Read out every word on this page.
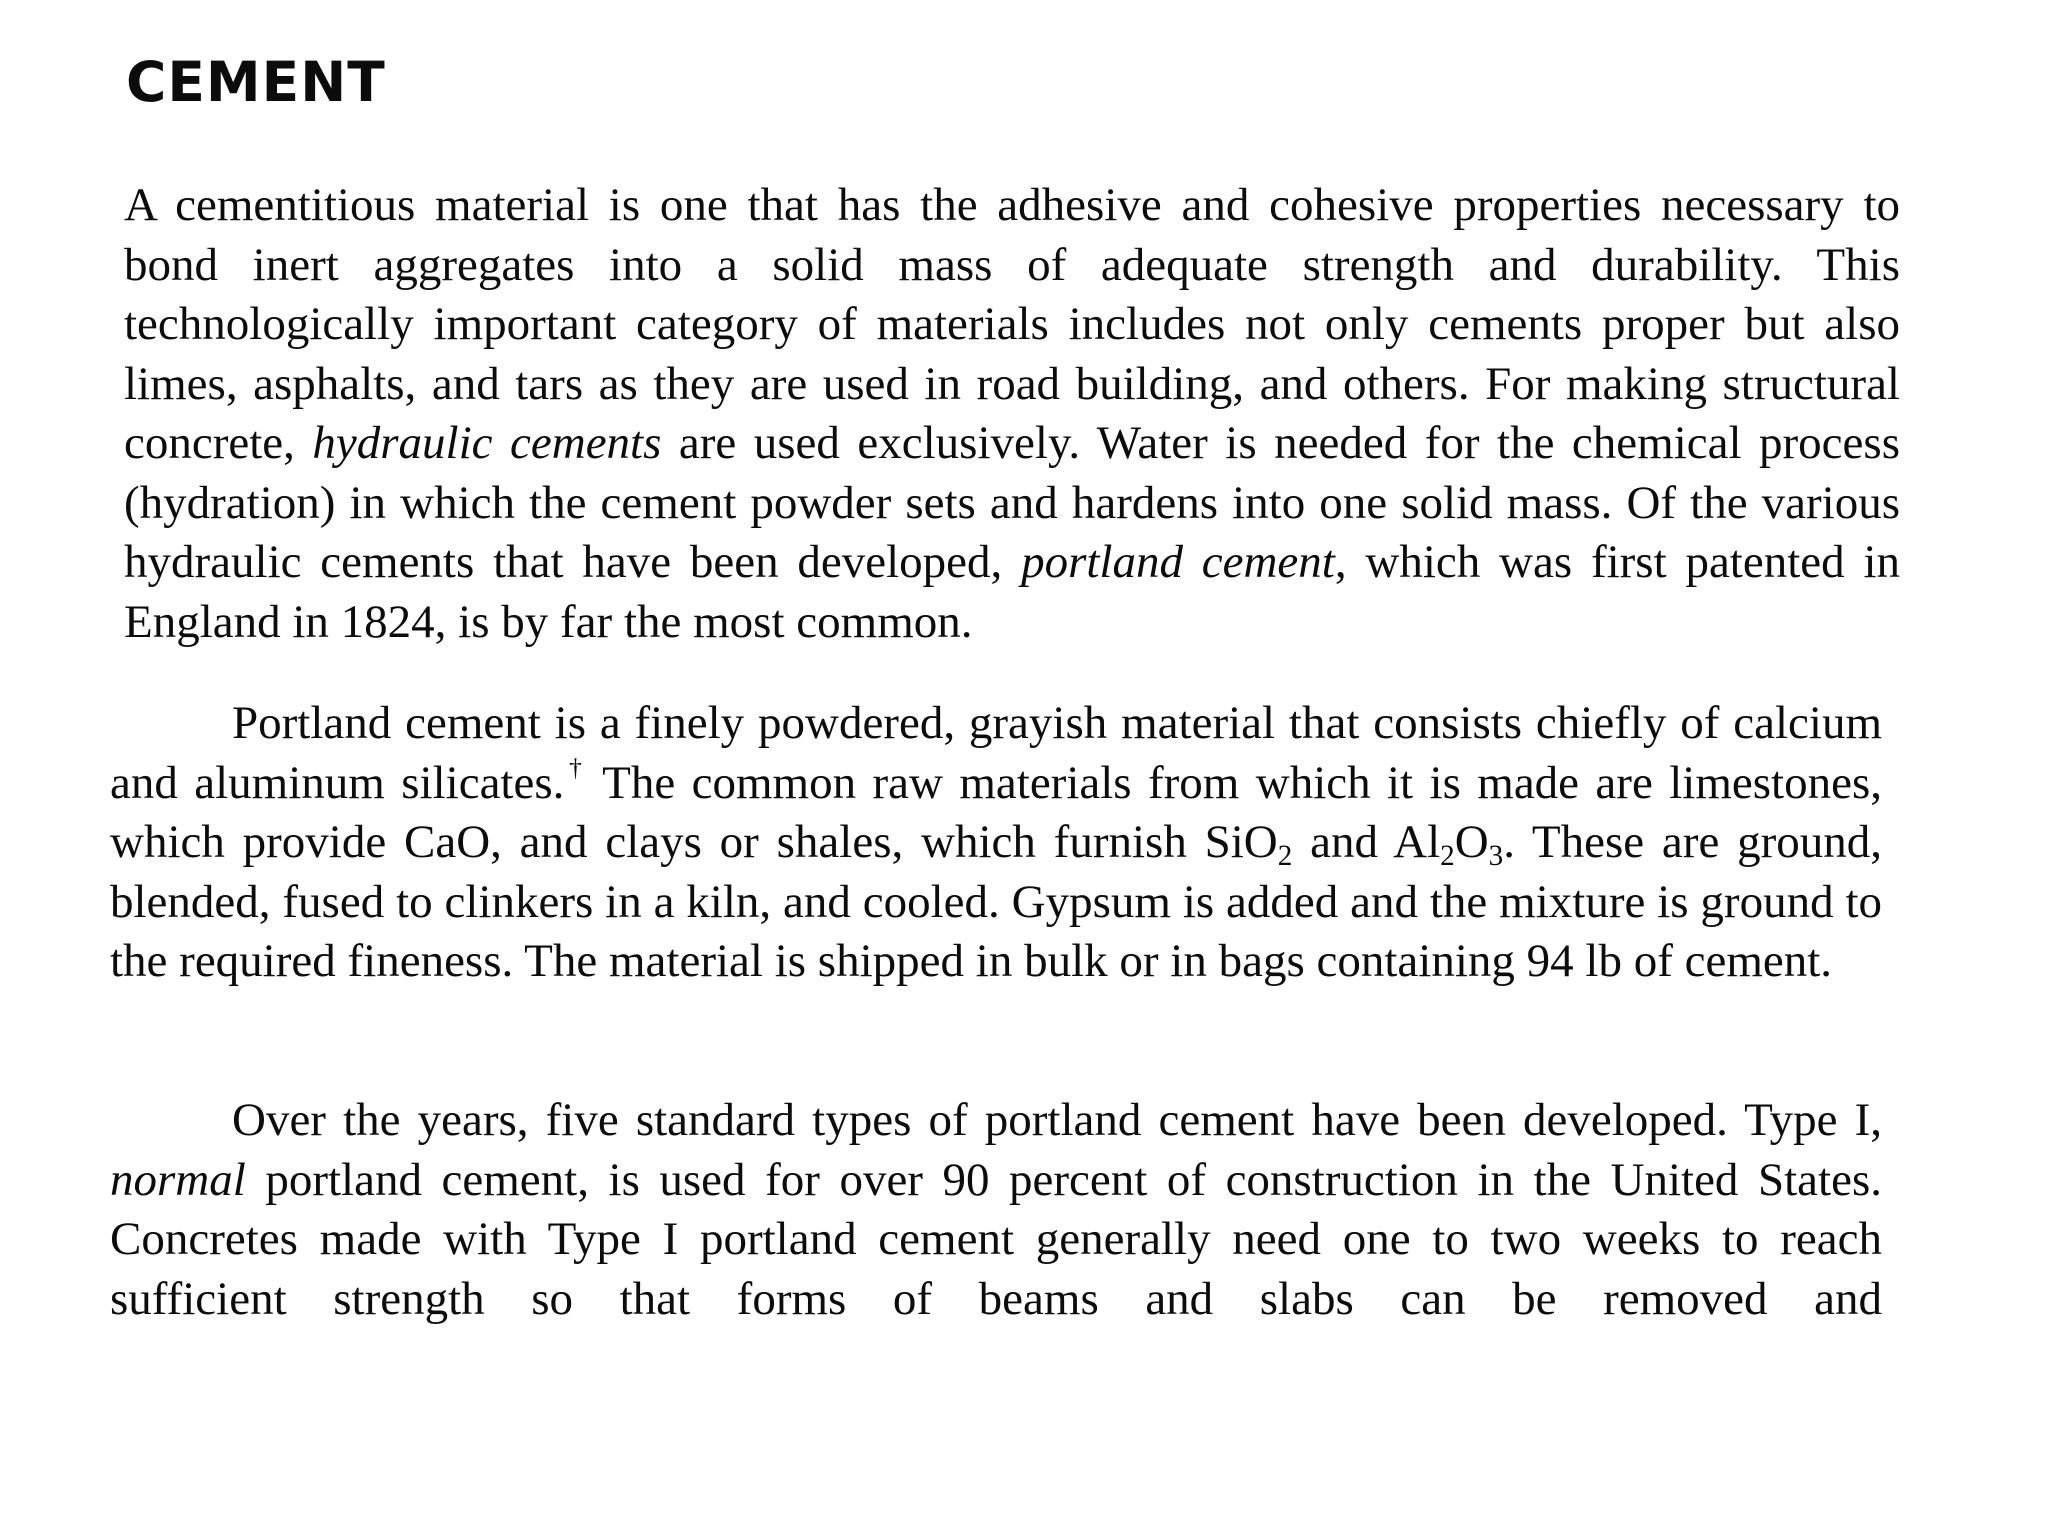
CEMENT

A cementitious material is one that has the adhesive and cohesive properties necessary to bond inert aggregates into a solid mass of adequate strength and durability. This technologically important category of materials includes not only cements proper but also limes, asphalts, and tars as they are used in road building, and others. For making structural concrete, hydraulic cements are used exclusively. Water is needed for the chemical process (hydration) in which the cement powder sets and hardens into one solid mass. Of the various hydraulic cements that have been developed, portland cement, which was first patented in England in 1824, is by far the most common.

Portland cement is a finely powdered, grayish material that consists chiefly of calcium and aluminum silicates.† The common raw materials from which it is made are limestones, which provide CaO, and clays or shales, which furnish SiO$_2$ and $Al_2O_3$. These are ground, blended, fused to clinkers in a kiln, and cooled. Gypsum is added and the mixture is ground to the required fineness. The material is shipped in bulk or in bags containing 94 lb of cement.

Over the years, five standard types of portland cement have been developed. Type I, normal portland cement, is used for over 90 percent of construction in the United States. Concretes made with Type I portland cement generally need one to two weeks to reach sufficient strength so that forms of beams and slabs can be removed and
